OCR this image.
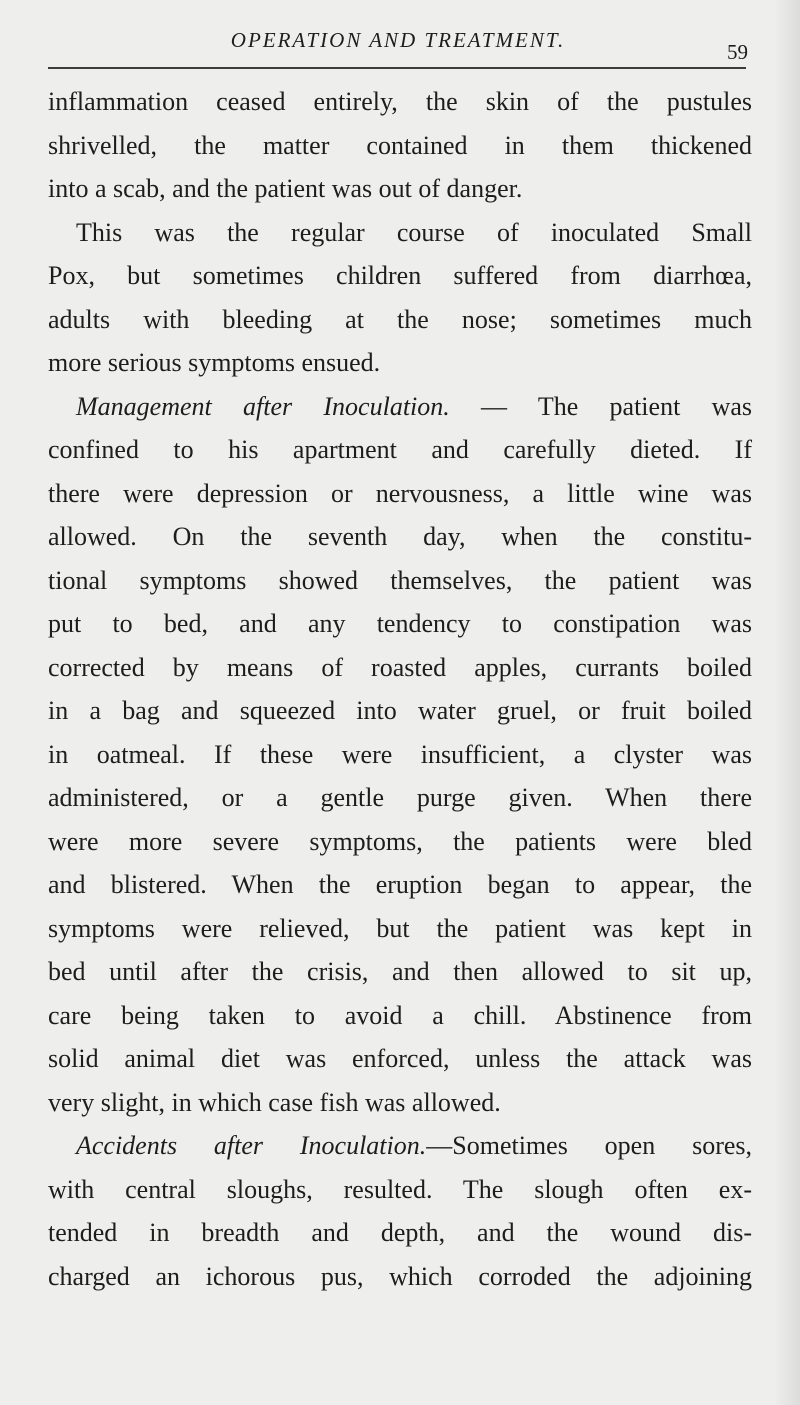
OPERATION AND TREATMENT.	59
inflammation ceased entirely, the skin of the pustules
shrivelled, the matter contained in them thickened
into a scab, and the patient was out of danger.
This was the regular course of inoculated Small
Pox, but sometimes children suffered from diarrhœa,
adults with bleeding at the nose; sometimes much
more serious symptoms ensued.
Management after Inoculation. — The patient was
confined to his apartment and carefully dieted. If
there were depression or nervousness, a little wine was
allowed. On the seventh day, when the constitu-
tional symptoms showed themselves, the patient was
put to bed, and any tendency to constipation was
corrected by means of roasted apples, currants boiled
in a bag and squeezed into water gruel, or fruit boiled
in oatmeal. If these were insufficient, a clyster was
administered, or a gentle purge given. When there
were more severe symptoms, the patients were bled
and blistered. When the eruption began to appear, the
symptoms were relieved, but the patient was kept in
bed until after the crisis, and then allowed to sit up,
care being taken to avoid a chill. Abstinence from
solid animal diet was enforced, unless the attack was
very slight, in which case fish was allowed.
Accidents after Inoculation.—Sometimes open sores,
with central sloughs, resulted. The slough often ex-
tended in breadth and depth, and the wound dis-
charged an ichorous pus, which corroded the adjoining
